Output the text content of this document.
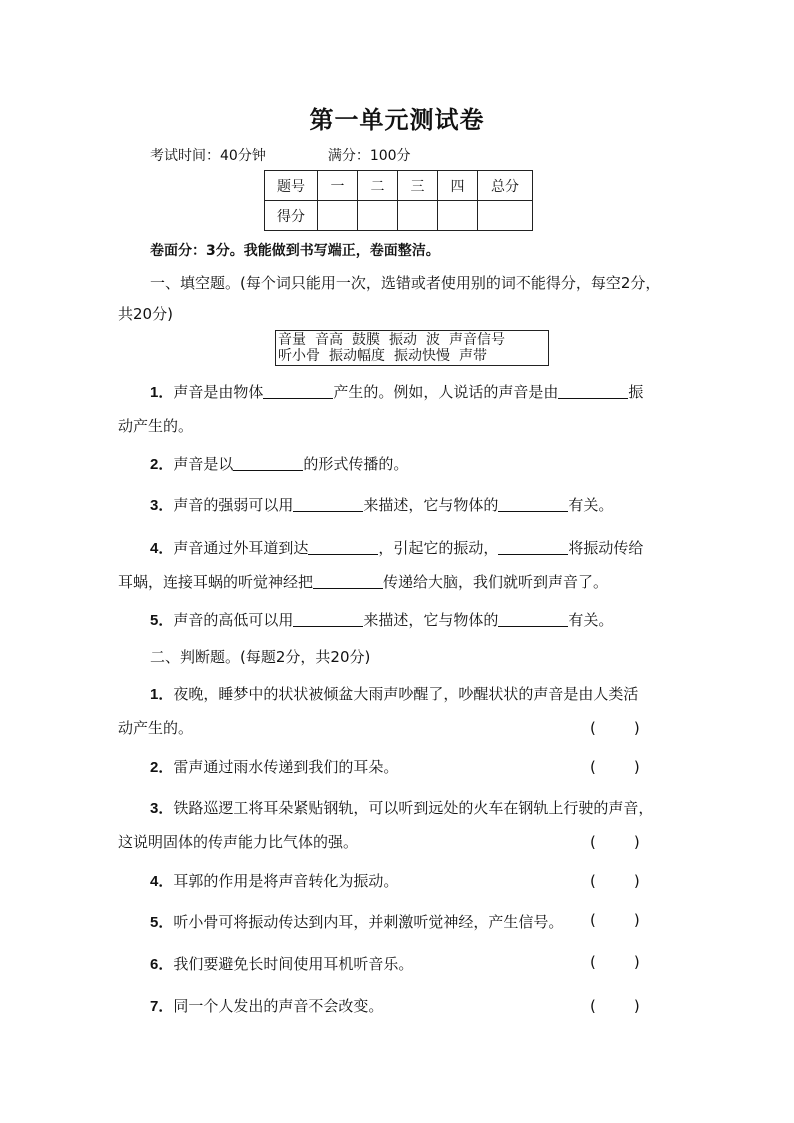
第一单元测试卷
考试时间：40分钟	满分：100分
题号	一	二	三	四	总分
得分					
卷面分：3分。我能做到书写端正，卷面整洁。
一、填空题。(每个词只能用一次，选错或者使用别的词不能得分，每空2分，
共20分)
音量 音高 鼓膜 振动 波 声音信号
听小骨 振动幅度 振动快慢 声带
1．声音是由物体	产生的。例如，人说话的声音是由	振
动产生的。
2．声音是以	的形式传播的。
3．声音的强弱可以用	来描述，它与物体的	有关。
4．声音通过外耳道到达	，引起它的振动，	将振动传给
耳蜗，连接耳蜗的听觉神经把	传递给大脑，我们就听到声音了。
5．声音的高低可以用	来描述，它与物体的	有关。
二、判断题。(每题2分，共20分)
1．夜晚，睡梦中的状状被倾盆大雨声吵醒了，吵醒状状的声音是由人类活
动产生的。	(	)
2．雷声通过雨水传递到我们的耳朵。	(	)
3．铁路巡逻工将耳朵紧贴钢轨，可以听到远处的火车在钢轨上行驶的声音，
这说明固体的传声能力比气体的强。	(	)
4．耳郭的作用是将声音转化为振动。	(	)
5．听小骨可将振动传达到内耳，并刺激听觉神经，产生信号。	(	)
6．我们要避免长时间使用耳机听音乐。	(	)
7．同一个人发出的声音不会改变。	(	)
